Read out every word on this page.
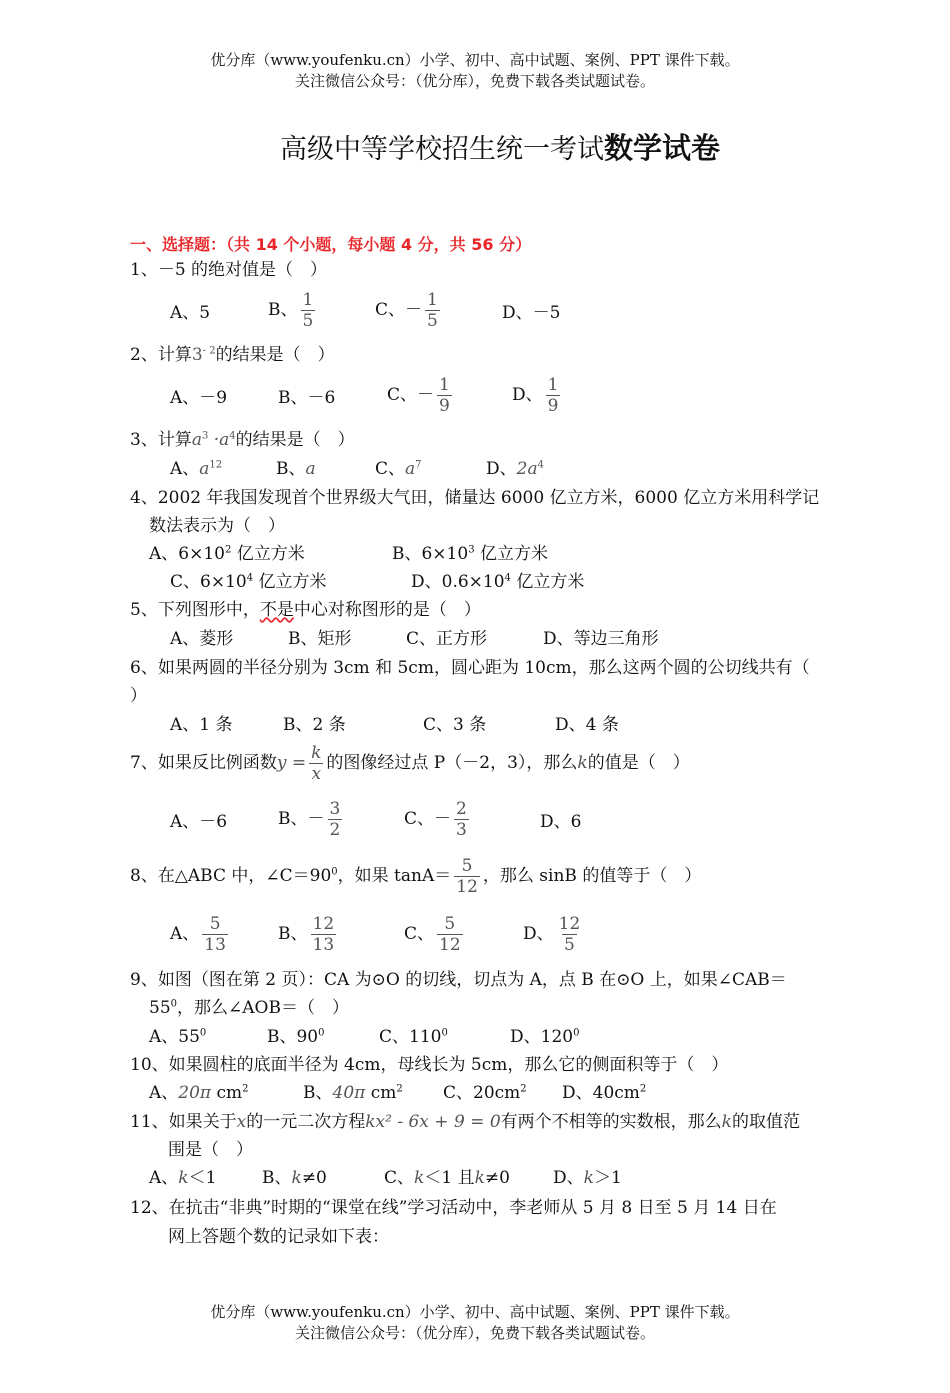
优分库（www.youfenku.cn）小学、初中、高中试题、案例、PPT 课件下载。
关注微信公众号：（优分库），免费下载各类试题试卷。
高级中等学校招生统一考试数学试卷
一、选择题：（共 14 个小题，每小题 4 分，共 56 分）
1、－5 的绝对值是（　）
A、5	B、 $\frac{1}{5}$	C、－ $\frac{1}{5}$	D、－5
2、计算$3^{- 2}$的结果是（　）
A、－9	B、－6	C、－ $\frac{1}{9}$	D、 $\frac{1}{9}$
3、计算$a^3 \cdot a^4$的结果是（　）
A、$a^{12}$	B、a	C、$a^7$	D、$2a^4$
4、2002 年我国发现首个世界级大气田，储量达 6000 亿立方米，6000 亿立方米用科学记
数法表示为（　）
A、$6\times 10^2$ 亿立方米	B、$6\times 10^3$ 亿立方米
C、$6\times 10^4$ 亿立方米	D、$0.6\times 10^4$ 亿立方米
5、下列图形中，不是中心对称图形的是（　）
A、菱形	B、矩形	C、正方形	D、等边三角形
6、如果两圆的半径分别为 3cm 和 5cm，圆心距为 10cm，那么这两个圆的公切线共有（
）
A、1 条	B、2 条	C、3 条	D、4 条
7、如果反比例函数$y = \frac{k}{x}$ 的图像经过点 P（－2，3），那么k的值是（　）
A、－6	B、－ $\frac{3}{2}$	C、－ $\frac{2}{3}$	D、6
8、在△ABC 中，$\angle C=90^0$，如果 $\tan A= \frac{5}{12}$ ，那么 sinB 的值等于（　）
A、 $\frac{5}{13}$	B、 $\frac{12}{13}$	C、 $\frac{5}{12}$	D、 $\frac{12}{5}$
9、如图（图在第 2 页）：CA 为⊙O 的切线，切点为 A，点 B 在⊙O 上，如果∠CAB＝
$55^0$，那么∠AOB＝（　）
A、$55^0$	B、$90^0$	C、$110^0$	D、$120^0$
10、如果圆柱的底面半径为 4cm，母线长为 5cm，那么它的侧面积等于（　）
A、20π $cm^2$	B、40π $cm^2$ C、$20cm^2$ D、$40cm^2$
11、如果关于x的一元二次方程kx² - 6x + 9 = 0有两个不相等的实数根，那么k的取值范
围是（　）
A、k＜1	B、k≠0	C、k＜1 且k≠0	D、k＞1
12、在抗击“非典”时期的“课堂在线”学习活动中，李老师从 5 月 8 日至 5 月 14 日在
网上答题个数的记录如下表：
优分库（www.youfenku.cn）小学、初中、高中试题、案例、PPT 课件下载。
关注微信公众号：（优分库），免费下载各类试题试卷。
